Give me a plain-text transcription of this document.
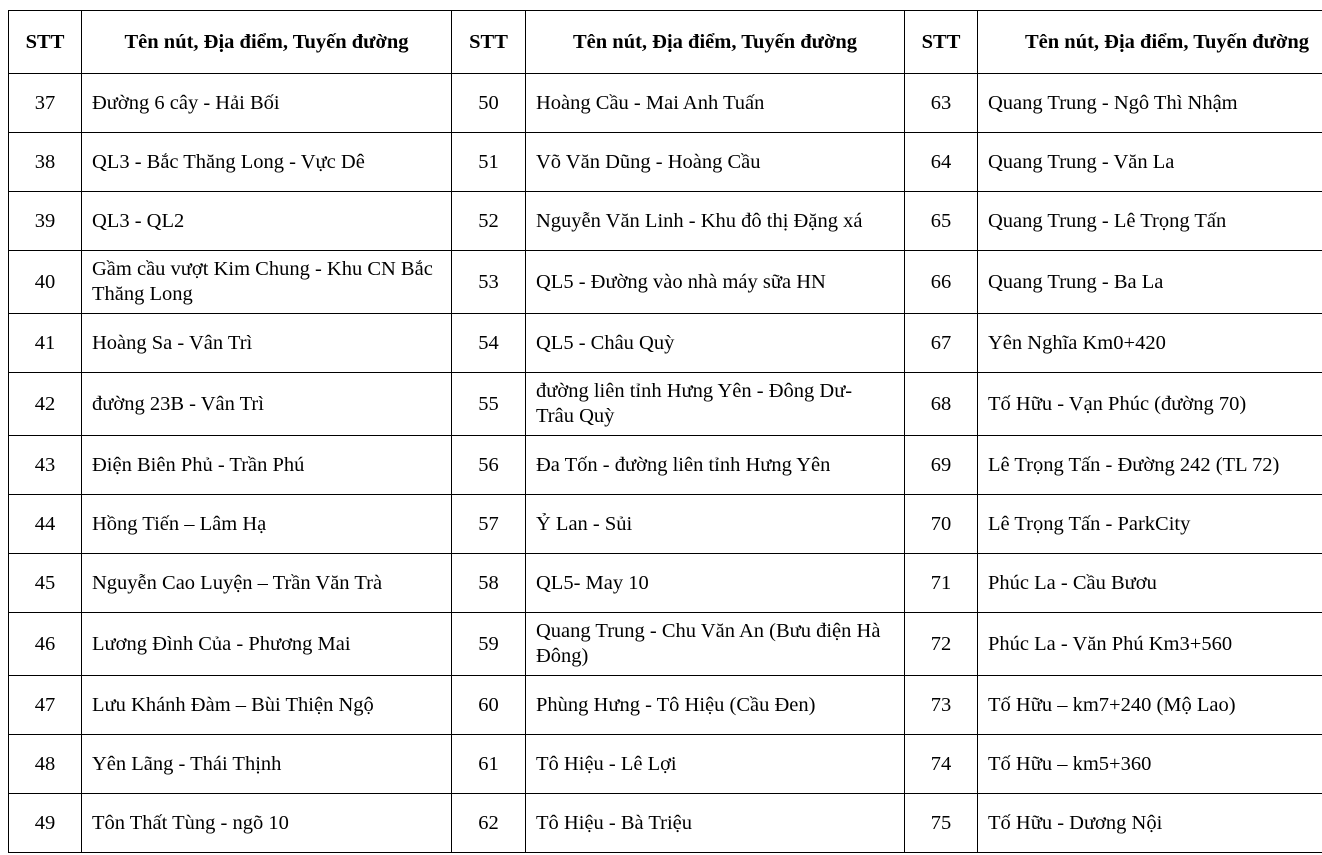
STT	Tên nút, Địa điểm, Tuyến đường	STT	Tên nút, Địa điểm, Tuyến đường	STT	Tên nút, Địa điểm, Tuyến đường
37	Đường 6 cây - Hải Bối	50	Hoàng Cầu - Mai Anh Tuấn	63	Quang Trung - Ngô Thì Nhậm
38	QL3 - Bắc Thăng Long - Vực Dê	51	Võ Văn Dũng - Hoàng Cầu	64	Quang Trung - Văn La
39	QL3 - QL2	52	Nguyễn Văn Linh - Khu đô thị Đặng xá	65	Quang Trung - Lê Trọng Tấn
40	Gầm cầu vượt Kim Chung - Khu CN Bắc Thăng Long	53	QL5 - Đường vào nhà máy sữa HN	66	Quang Trung - Ba La
41	Hoàng Sa - Vân Trì	54	QL5 - Châu Quỳ	67	Yên Nghĩa Km0+420
42	đường 23B - Vân Trì	55	đường liên tỉnh Hưng Yên - Đông Dư- Trâu Quỳ	68	Tố Hữu - Vạn Phúc (đường 70)
43	Điện Biên Phủ - Trần Phú	56	Đa Tốn - đường liên tỉnh Hưng Yên	69	Lê Trọng Tấn - Đường 242 (TL 72)
44	Hồng Tiến – Lâm Hạ	57	Ỷ Lan - Sủi	70	Lê Trọng Tấn - ParkCity
45	Nguyễn Cao Luyện – Trần Văn Trà	58	QL5- May 10	71	Phúc La - Cầu Bươu
46	Lương Đình Của - Phương Mai	59	Quang Trung - Chu Văn An (Bưu điện Hà Đông)	72	Phúc La - Văn Phú Km3+560
47	Lưu Khánh Đàm – Bùi Thiện Ngộ	60	Phùng Hưng - Tô Hiệu (Cầu Đen)	73	Tố Hữu – km7+240 (Mộ Lao)
48	Yên Lãng - Thái Thịnh	61	Tô Hiệu - Lê Lợi	74	Tố Hữu – km5+360
49	Tôn Thất Tùng - ngõ 10	62	Tô Hiệu - Bà Triệu	75	Tố Hữu - Dương Nội
